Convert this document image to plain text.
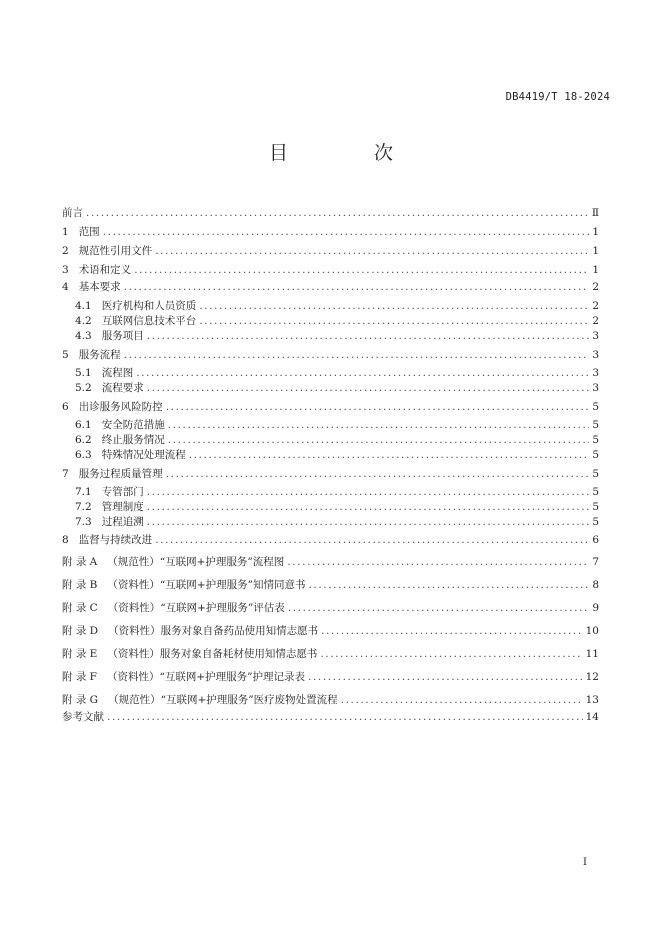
DB4419/T 18-2024
目 次
前言 .....	Ⅱ
1 范围 .....	1
2 规范性引用文件 .....	1
3 术语和定义 .....	1
4 基本要求 .....	2
4.1 医疗机构和人员资质 .....	2
4.2 互联网信息技术平台 .....	2
4.3 服务项目 .....	3
5 服务流程 .....	3
5.1 流程图 .....	3
5.2 流程要求 .....	3
6 出诊服务风险防控 .....	5
6.1 安全防范措施 .....	5
6.2 终止服务情况 .....	5
6.3 特殊情况处理流程 .....	5
7 服务过程质量管理 .....	5
7.1 专管部门 .....	5
7.2 管理制度 .....	5
7.3 过程追溯 .....	5
8 监督与持续改进 .....	6
附 录 A （规范性）“互联网+护理服务”流程图 .....	7
附 录 B （资料性）“互联网+护理服务”知情同意书 .....	8
附 录 C （资料性）“互联网+护理服务”评估表 .....	9
附 录 D （资料性）服务对象自备药品使用知情志愿书 .....	10
附 录 E （资料性）服务对象自备耗材使用知情志愿书 .....	11
附 录 F （资料性）“互联网+护理服务”护理记录表 .....	12
附 录 G （规范性）“互联网+护理服务”医疗废物处置流程 .....	13
参考文献 .....	14
I
